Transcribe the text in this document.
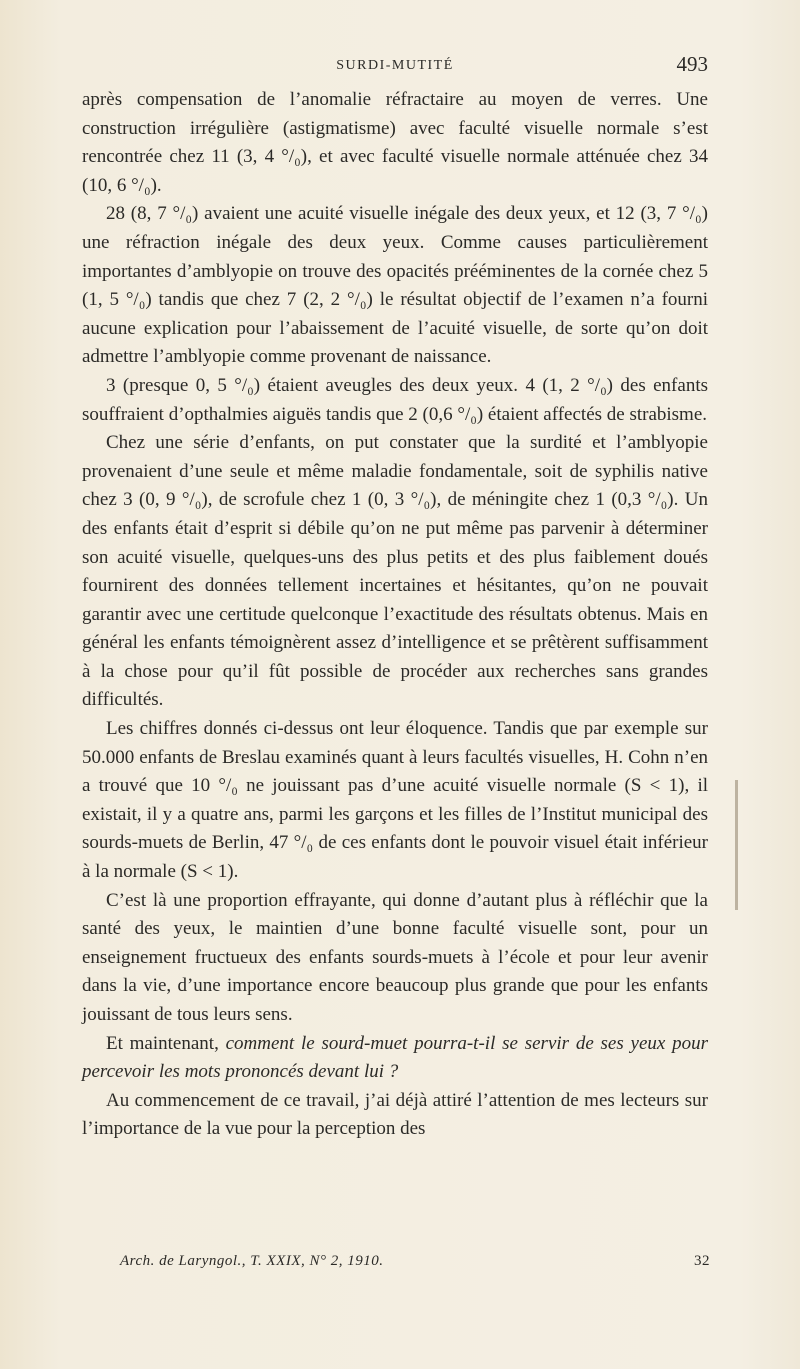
SURDI-MUTITÉ	493

après compensation de l’anomalie réfractaire au moyen de verres. Une construction irrégulière (astigmatisme) avec faculté visuelle normale s’est rencontrée chez 11 (3, 4 °/₀), et avec faculté visuelle normale atténuée chez 34 (10, 6 °/₀).

28 (8, 7 °/₀) avaient une acuité visuelle inégale des deux yeux, et 12 (3, 7 °/₀) une réfraction inégale des deux yeux. Comme causes particulièrement importantes d’amblyopie on trouve des opacités prééminentes de la cornée chez 5 (1, 5 °/₀) tandis que chez 7 (2, 2 °/₀) le résultat objectif de l’examen n’a fourni aucune explication pour l’abaissement de l’acuité visuelle, de sorte qu’on doit admettre l’amblyopie comme provenant de naissance.

3 (presque 0, 5 °/₀) étaient aveugles des deux yeux. 4 (1, 2 °/₀) des enfants souffraient d’opthalmies aiguës tandis que 2 (0,6 °/₀) étaient affectés de strabisme.

Chez une série d’enfants, on put constater que la surdité et l’amblyopie provenaient d’une seule et même maladie fondamentale, soit de syphilis native chez 3 (0, 9 °/₀), de scrofule chez 1 (0, 3 °/₀), de méningite chez 1 (0,3 °/₀). Un des enfants était d’esprit si débile qu’on ne put même pas parvenir à déterminer son acuité visuelle, quelques-uns des plus petits et des plus faiblement doués fournirent des données tellement incertaines et hésitantes, qu’on ne pouvait garantir avec une certitude quelconque l’exactitude des résultats obtenus. Mais en général les enfants témoignèrent assez d’intelligence et se prêtèrent suffisamment à la chose pour qu’il fût possible de procéder aux recherches sans grandes difficultés.

Les chiffres donnés ci-dessus ont leur éloquence. Tandis que par exemple sur 50.000 enfants de Breslau examinés quant à leurs facultés visuelles, H. Cohn n’en a trouvé que 10 °/₀ ne jouissant pas d’une acuité visuelle normale (S < 1), il existait, il y a quatre ans, parmi les garçons et les filles de l’Institut municipal des sourds-muets de Berlin, 47 °/₀ de ces enfants dont le pouvoir visuel était inférieur à la normale (S < 1).

C’est là une proportion effrayante, qui donne d’autant plus à réfléchir que la santé des yeux, le maintien d’une bonne faculté visuelle sont, pour un enseignement fructueux des enfants sourds-muets à l’école et pour leur avenir dans la vie, d’une importance encore beaucoup plus grande que pour les enfants jouissant de tous leurs sens.

Et maintenant, comment le sourd-muet pourra-t-il se servir de ses yeux pour percevoir les mots prononcés devant lui ?

Au commencement de ce travail, j’ai déjà attiré l’attention de mes lecteurs sur l’importance de la vue pour la perception des

Arch. de Laryngol., T. XXIX, N° 2, 1910.	32
